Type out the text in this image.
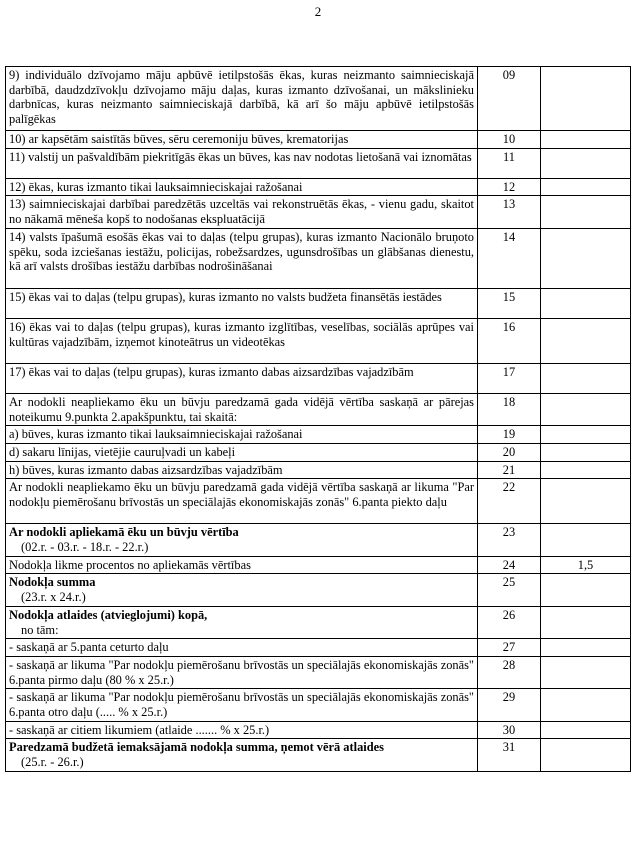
2
9) individuālo dzīvojamo māju apbūvē ietilpstošās ēkas, kuras neizmanto saimnieciskajā darbībā, daudzdzīvokļu dzīvojamo māju daļas, kuras izmanto dzīvošanai, un mākslinieku darbnīcas, kuras neizmanto saimnieciskajā darbībā, kā arī šo māju apbūvē ietilpstošās palīgēkas	09	
10) ar kapsētām saistītās būves, sēru ceremoniju būves, krematorijas	10	
11) valstij un pašvaldībām piekritīgās ēkas un būves, kas nav nodotas lietošanā vai iznomātas	11	
12) ēkas, kuras izmanto tikai lauksaimnieciskajai ražošanai	12	
13) saimnieciskajai darbībai paredzētās uzceltās vai rekonstruētās ēkas, - vienu gadu, skaitot no nākamā mēneša kopš to nodošanas ekspluatācijā	13	
14) valsts īpašumā esošās ēkas vai to daļas (telpu grupas), kuras izmanto Nacionālo bruņoto spēku, soda izciešanas iestāžu, policijas, robežsardzes, ugunsdrošības un glābšanas dienestu, kā arī valsts drošības iestāžu darbības nodrošināšanai	14	
15) ēkas vai to daļas (telpu grupas), kuras izmanto no valsts budžeta finansētās iestādes	15	
16) ēkas vai to daļas (telpu grupas), kuras izmanto izglītības, veselības, sociālās aprūpes vai kultūras vajadzībām, izņemot kinoteātrus un videotēkas	16	
17) ēkas vai to daļas (telpu grupas), kuras izmanto dabas aizsardzības vajadzībām	17	
Ar nodokli neapliekamo ēku un būvju paredzamā gada vidējā vērtība saskaņā ar pārejas noteikumu 9.punkta 2.apakšpunktu, tai skaitā:	18	
a) būves, kuras izmanto tikai lauksaimnieciskajai ražošanai	19	
d) sakaru līnijas, vietējie cauruļvadi un kabeļi	20	
h) būves, kuras izmanto dabas aizsardzības vajadzībām	21	
Ar nodokli neapliekamo ēku un būvju paredzamā gada vidējā vērtība saskaņā ar likuma "Par nodokļu piemērošanu brīvostās un speciālajās ekonomiskajās zonās" 6.panta piekto daļu	22	
Ar nodokli apliekamā ēku un būvju vērtība
(02.r. - 03.r. - 18.r. - 22.r.)	23	
Nodokļa likme procentos no apliekamās vērtības	24	1,5
Nodokļa summa
(23.r. x 24.r.)	25	
Nodokļa atlaides (atvieglojumi) kopā,
no tām:	26	
- saskaņā ar 5.panta ceturto daļu	27	
- saskaņā ar likuma "Par nodokļu piemērošanu brīvostās un speciālajās ekonomiskajās zonās" 6.panta pirmo daļu (80 % x 25.r.)	28	
- saskaņā ar likuma "Par nodokļu piemērošanu brīvostās un speciālajās ekonomiskajās zonās" 6.panta otro daļu (..... % x 25.r.)	29	
- saskaņā ar citiem likumiem (atlaide ....... % x 25.r.)	30	
Paredzamā budžetā iemaksājamā nodokļa summa, ņemot vērā atlaides
(25.r. - 26.r.)	31	
